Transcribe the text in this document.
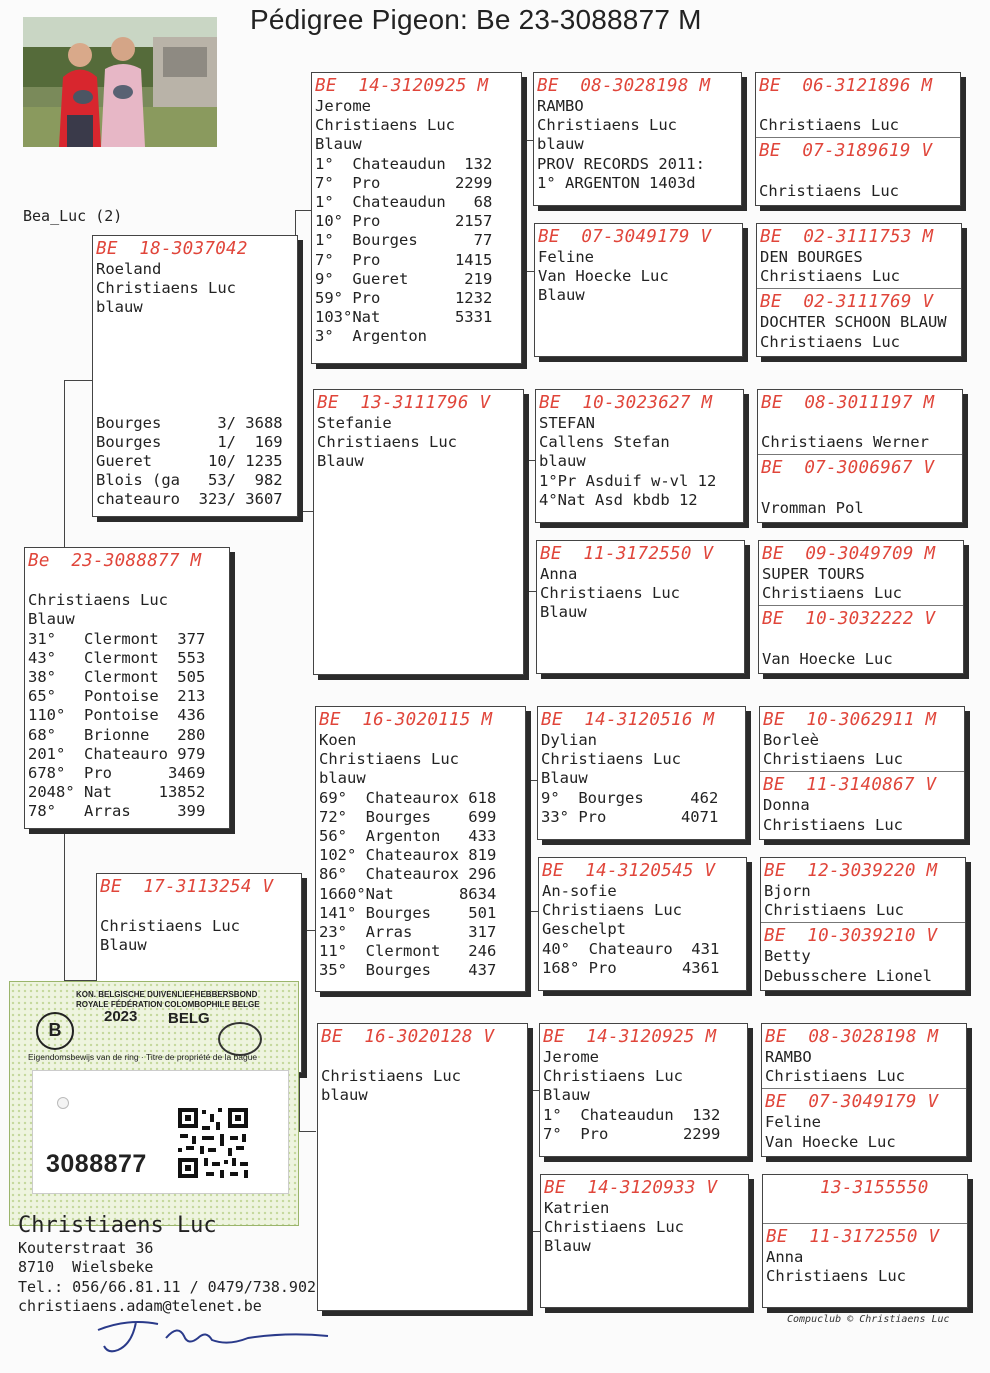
Pédigree Pigeon: Be 23-3088877 M
Bea_Luc (2)
Be  23-3088877 M

Christiaens Luc
Blauw
31°   Clermont  377
43°   Clermont  553
38°   Clermont  505
65°   Pontoise  213
110°  Pontoise  436
68°   Brionne   280
201°  Chateauro 979
678°  Pro      3469
2048° Nat     13852
78°   Arras     399
BE  18-3037042
Roeland
Christiaens Luc
blauw

Bourges      3/ 3688
Bourges      1/  169
Gueret      10/ 1235
Blois (ga   53/  982
chateauro  323/ 3607
BE  17-3113254 V

Christiaens Luc
Blauw
BE  14-3120925 M
Jerome
Christiaens Luc
Blauw
1°  Chateaudun  132
7°  Pro        2299
1°  Chateaudun   68
10° Pro        2157
1°  Bourges      77
7°  Pro        1415
9°  Gueret      219
59° Pro        1232
103°Nat        5331
3°  Argenton
BE  13-3111796 V
Stefanie
Christiaens Luc
Blauw
BE  16-3020115 M
Koen
Christiaens Luc
blauw
69°  Chateaurox 618
72°  Bourges    699
56°  Argenton   433
102° Chateaurox 819
86°  Chateaurox 296
1660°Nat       8634
141° Bourges    501
23°  Arras      317
11°  Clermont   246
35°  Bourges    437
BE  16-3020128 V

Christiaens Luc
blauw
BE  08-3028198 M
RAMBO
Christiaens Luc
blauw
PROV RECORDS 2011:
1° ARGENTON 1403d
BE  07-3049179 V
Feline
Van Hoecke Luc
Blauw
BE  10-3023627 M
STEFAN
Callens Stefan
blauw
1°Pr Asduif w-vl 12
4°Nat Asd kbdb 12
BE  11-3172550 V
Anna
Christiaens Luc
Blauw
BE  14-3120516 M
Dylian
Christiaens Luc
Blauw
9°  Bourges     462
33° Pro        4071
BE  14-3120545 V
An-sofie
Christiaens Luc
Geschelpt
40°  Chateauro  431
168° Pro       4361
BE  14-3120925 M
Jerome
Christiaens Luc
Blauw
1°  Chateaudun  132
7°  Pro        2299
BE  14-3120933 V
Katrien
Christiaens Luc
Blauw
BE  06-3121896 M

Christiaens Luc
BE  07-3189619 V

Christiaens Luc
BE  02-3111753 M
DEN BOURGES
Christiaens Luc
BE  02-3111769 V
DOCHTER SCHOON BLAUW
Christiaens Luc
BE  08-3011197 M

Christiaens Werner
BE  07-3006967 V

Vromman Pol
BE  09-3049709 M
SUPER TOURS
Christiaens Luc
BE  10-3032222 V

Van Hoecke Luc
BE  10-3062911 M
Borleè
Christiaens Luc
BE  11-3140867 V
Donna
Christiaens Luc
BE  12-3039220 M
Bjorn
Christiaens Luc
BE  10-3039210 V
Betty
Debusschere Lionel
BE  08-3028198 M
RAMBO
Christiaens Luc
BE  07-3049179 V
Feline
Van Hoecke Luc
13-3155550
BE  11-3172550 V
Anna
Christiaens Luc
B
KON. BELGISCHE DUIVENLIEFHEBBERSBOND
ROYALE FÉDÉRATION COLOMBOPHILE BELGE
2023 BELG
Eigendomsbewijs van de ring · Titre de propriété de la bague
3088877
Christiaens Luc
Kouterstraat 36
8710  Wielsbeke
Tel.: 056/66.81.11 / 0479/738.902
christiaens.adam@telenet.be
Compuclub © Christiaens Luc
